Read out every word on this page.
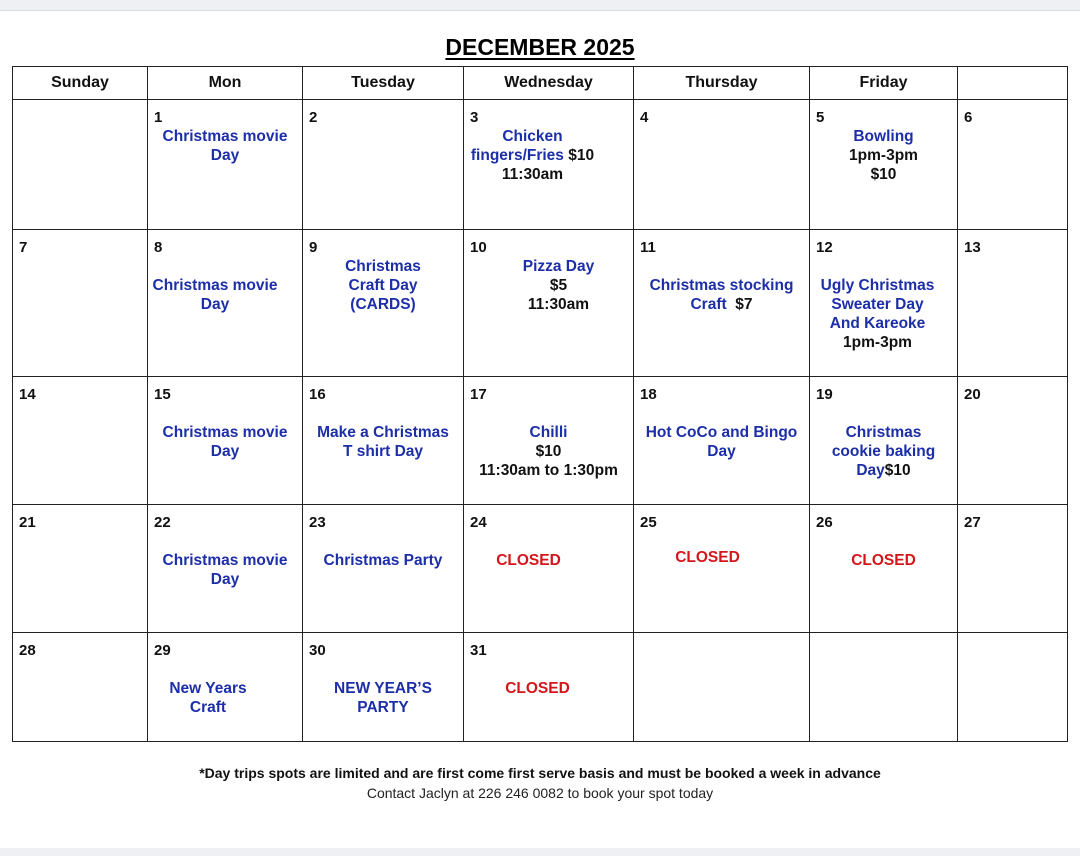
DECEMBER 2025
Sunday	Mon	Tuesday	Wednesday	Thursday	Friday	

	1
Christmas movie
Day	2	3
Chicken
fingers/Fries $10
11:30am	4	5
Bowling
1pm-3pm
$10	6

7	8
Christmas movie
Day	9
Christmas
Craft Day
(CARDS)	10
Pizza Day
$5
11:30am	11
Christmas stocking
Craft  $7	12
Ugly Christmas
Sweater Day
And Kareoke
1pm-3pm	13

14	15
Christmas movie
Day	16
Make a Christmas
T shirt Day	17
Chilli
$10
11:30am to 1:30pm	18
Hot CoCo and Bingo
Day	19
Christmas
cookie baking
Day$10	20

21	22
Christmas movie
Day	23
Christmas Party	24
CLOSED	25
CLOSED	26
CLOSED	27

28	29
New Years
Craft	30
NEW YEAR’S
PARTY	31
CLOSED			

*Day trips spots are limited and are first come first serve basis and must be booked a week in advance
Contact Jaclyn at 226 246 0082 to book your spot today
